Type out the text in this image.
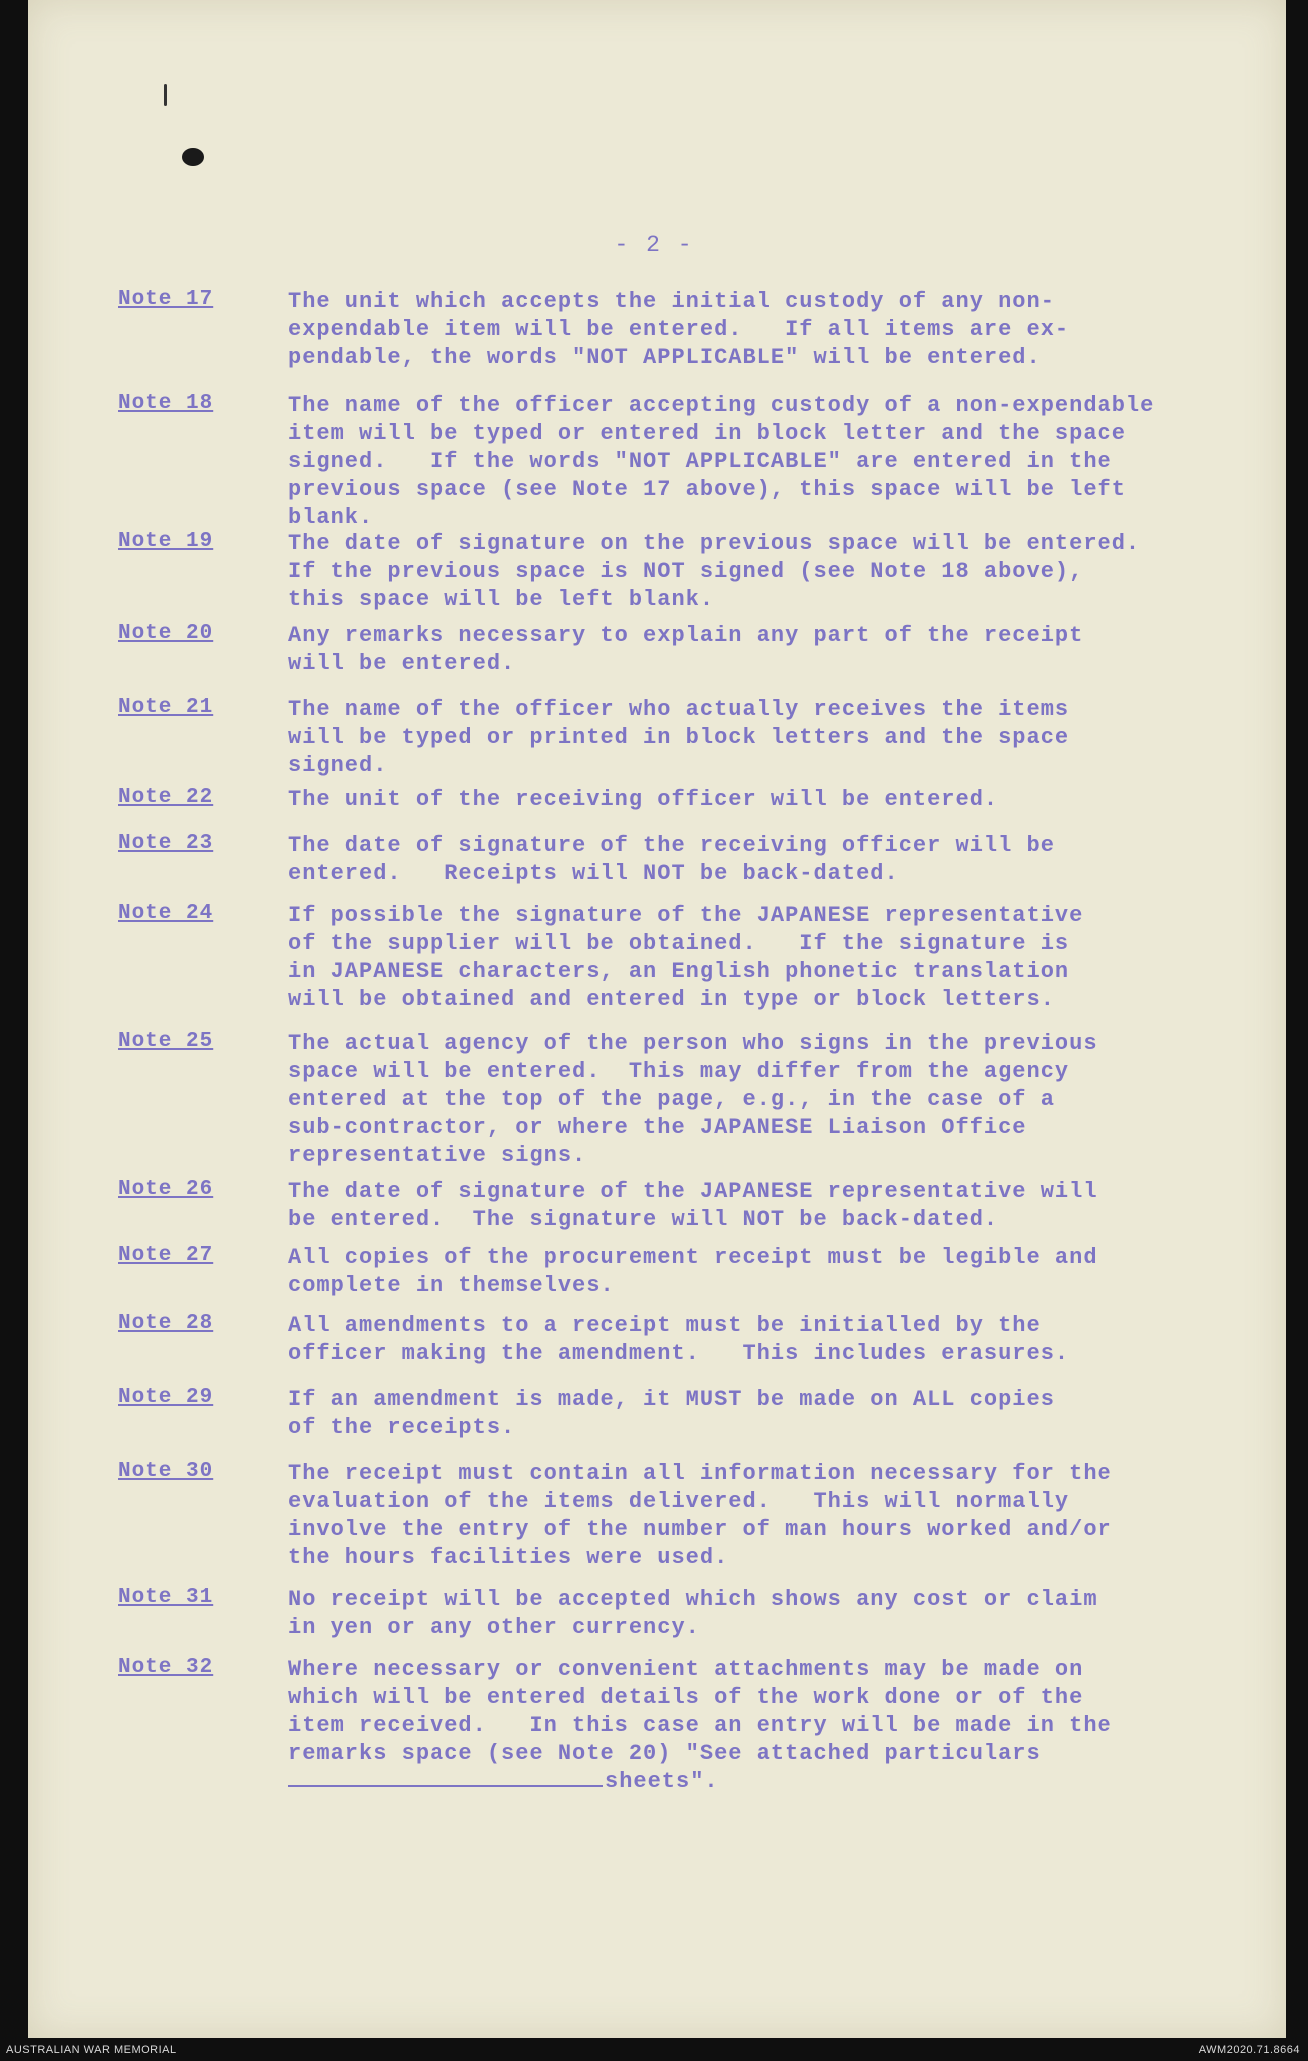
- 2 -
Note 17	The unit which accepts the initial custody of any non-
expendable item will be entered.   If all items are ex-
pendable, the words "NOT APPLICABLE" will be entered.
Note 18	The name of the officer accepting custody of a non-expendable
item will be typed or entered in block letter and the space
signed.   If the words "NOT APPLICABLE" are entered in the
previous space (see Note 17 above), this space will be left
blank.
Note 19	The date of signature on the previous space will be entered.
If the previous space is NOT signed (see Note 18 above),
this space will be left blank.
Note 20	Any remarks necessary to explain any part of the receipt
will be entered.
Note 21	The name of the officer who actually receives the items
will be typed or printed in block letters and the space
signed.
Note 22	The unit of the receiving officer will be entered.
Note 23	The date of signature of the receiving officer will be
entered.   Receipts will NOT be back-dated.
Note 24	If possible the signature of the JAPANESE representative
of the supplier will be obtained.   If the signature is
in JAPANESE characters, an English phonetic translation
will be obtained and entered in type or block letters.
Note 25	The actual agency of the person who signs in the previous
space will be entered.  This may differ from the agency
entered at the top of the page, e.g., in the case of a
sub-contractor, or where the JAPANESE Liaison Office
representative signs.
Note 26	The date of signature of the JAPANESE representative will
be entered.  The signature will NOT be back-dated.
Note 27	All copies of the procurement receipt must be legible and
complete in themselves.
Note 28	All amendments to a receipt must be initialled by the
officer making the amendment.   This includes erasures.
Note 29	If an amendment is made, it MUST be made on ALL copies
of the receipts.
Note 30	The receipt must contain all information necessary for the
evaluation of the items delivered.   This will normally
involve the entry of the number of man hours worked and/or
the hours facilities were used.
Note 31	No receipt will be accepted which shows any cost or claim
in yen or any other currency.
Note 32	Where necessary or convenient attachments may be made on
which will be entered details of the work done or of the
item received.   In this case an entry will be made in the
remarks space (see Note 20) "See attached particulars
sheets".
AUSTRALIAN WAR MEMORIAL	AWM2020.71.8664
